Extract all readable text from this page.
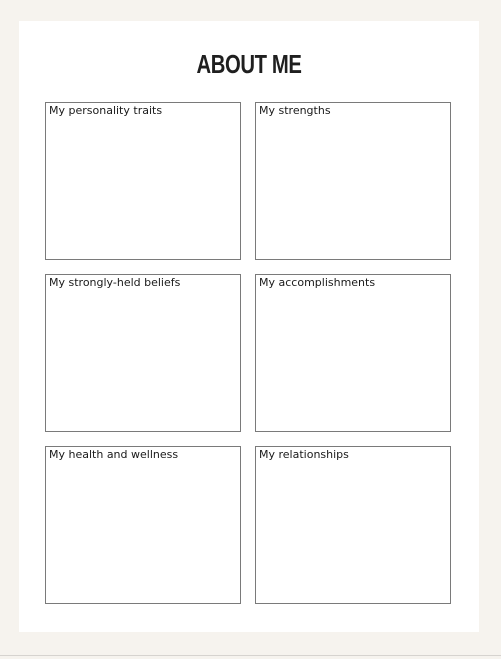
ABOUT ME
My personality traits	My strengths
My strongly-held beliefs	My accomplishments
My health and wellness	My relationships
